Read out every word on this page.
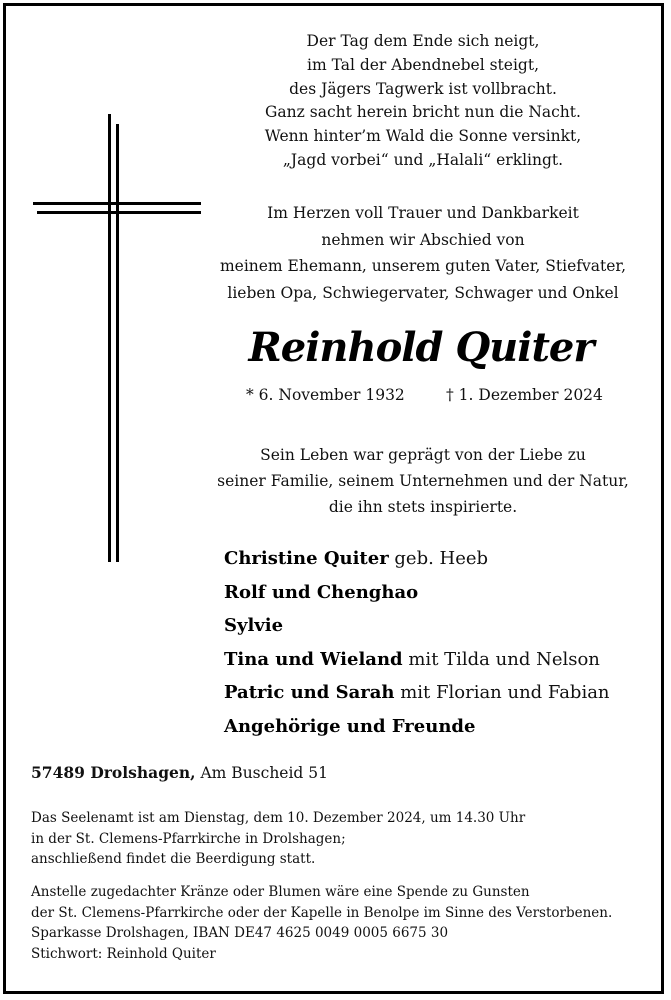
Der Tag dem Ende sich neigt,
im Tal der Abendnebel steigt,
des Jägers Tagwerk ist vollbracht.
Ganz sacht herein bricht nun die Nacht.
Wenn hinter’m Wald die Sonne versinkt,
„Jagd vorbei“ und „Halali“ erklingt.
Im Herzen voll Trauer und Dankbarkeit
nehmen wir Abschied von
meinem Ehemann, unserem guten Vater, Stiefvater,
lieben Opa, Schwiegervater, Schwager und Onkel
Reinhold Quiter
* 6. November 1932	† 1. Dezember 2024
Sein Leben war geprägt von der Liebe zu
seiner Familie, seinem Unternehmen und der Natur,
die ihn stets inspirierte.
Christine Quiter geb. Heeb
Rolf und Chenghao
Sylvie
Tina und Wieland mit Tilda und Nelson
Patric und Sarah mit Florian und Fabian
Angehörige und Freunde
57489 Drolshagen, Am Buscheid 51
Das Seelenamt ist am Dienstag, dem 10. Dezember 2024, um 14.30 Uhr
in der St. Clemens-Pfarrkirche in Drolshagen;
anschließend findet die Beerdigung statt.
Anstelle zugedachter Kränze oder Blumen wäre eine Spende zu Gunsten
der St. Clemens-Pfarrkirche oder der Kapelle in Benolpe im Sinne des Verstorbenen.
Sparkasse Drolshagen, IBAN DE47 4625 0049 0005 6675 30
Stichwort: Reinhold Quiter
